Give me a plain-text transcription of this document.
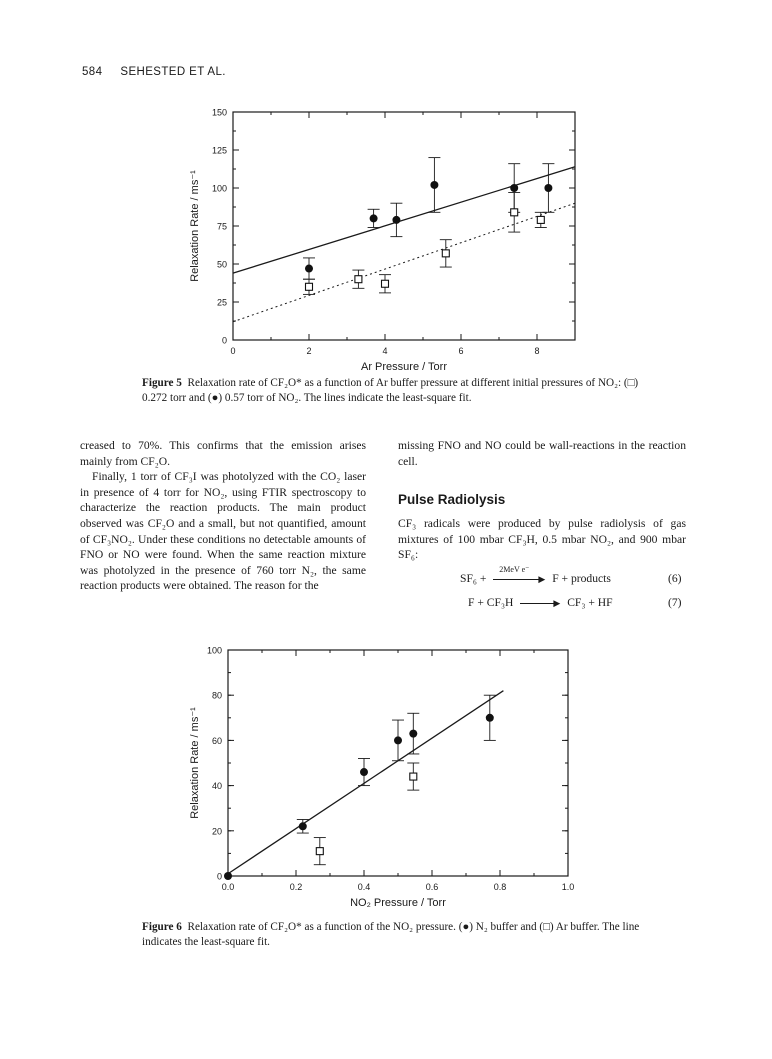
584 SEHESTED ET AL.
0	2	4	6	8
0
25
50
75
100
125
150
Ar Pressure / Torr
Relaxation Rate / ms⁻¹
0.0	0.2	0.4	0.6	0.8	1.0
0
20
40
60
80
100
NO₂ Pressure / Torr
Relaxation Rate / ms⁻¹
Figure 5 Relaxation rate of CF₂O* as a function of Ar buffer pressure at different initial pressures of NO₂: (□) 0.272 torr and (●) 0.57 torr of NO₂. The lines indicate the least-square fit.

creased to 70%. This confirms that the emission arises mainly from CF₂O.

Finally, 1 torr of CF₃I was photolyzed with the CO₂ laser in presence of 4 torr for NO₂, using FTIR spectroscopy to characterize the reaction products. The main product observed was CF₂O and a small, but not quantified, amount of CF₃NO₂. Under these conditions no detectable amounts of FNO or NO were found. When the same reaction mixture was photolyzed in the presence of 760 torr N₂, the same reaction products were obtained. The reason for the

missing FNO and NO could be wall-reactions in the reaction cell.

Pulse Radiolysis

CF₃ radicals were produced by pulse radiolysis of gas mixtures of 100 mbar CF₃H, 0.5 mbar NO₂, and 900 mbar SF₆:

SF₆ +
2MeV e⁻
▶ F + products	(6)
F + CF₃H	▶ CF₃ + HF	(7)
Figure 6 Relaxation rate of CF₂O* as a function of the NO₂ pressure. (●) N₂ buffer and (□) Ar buffer. The line indicates the least-square fit.
